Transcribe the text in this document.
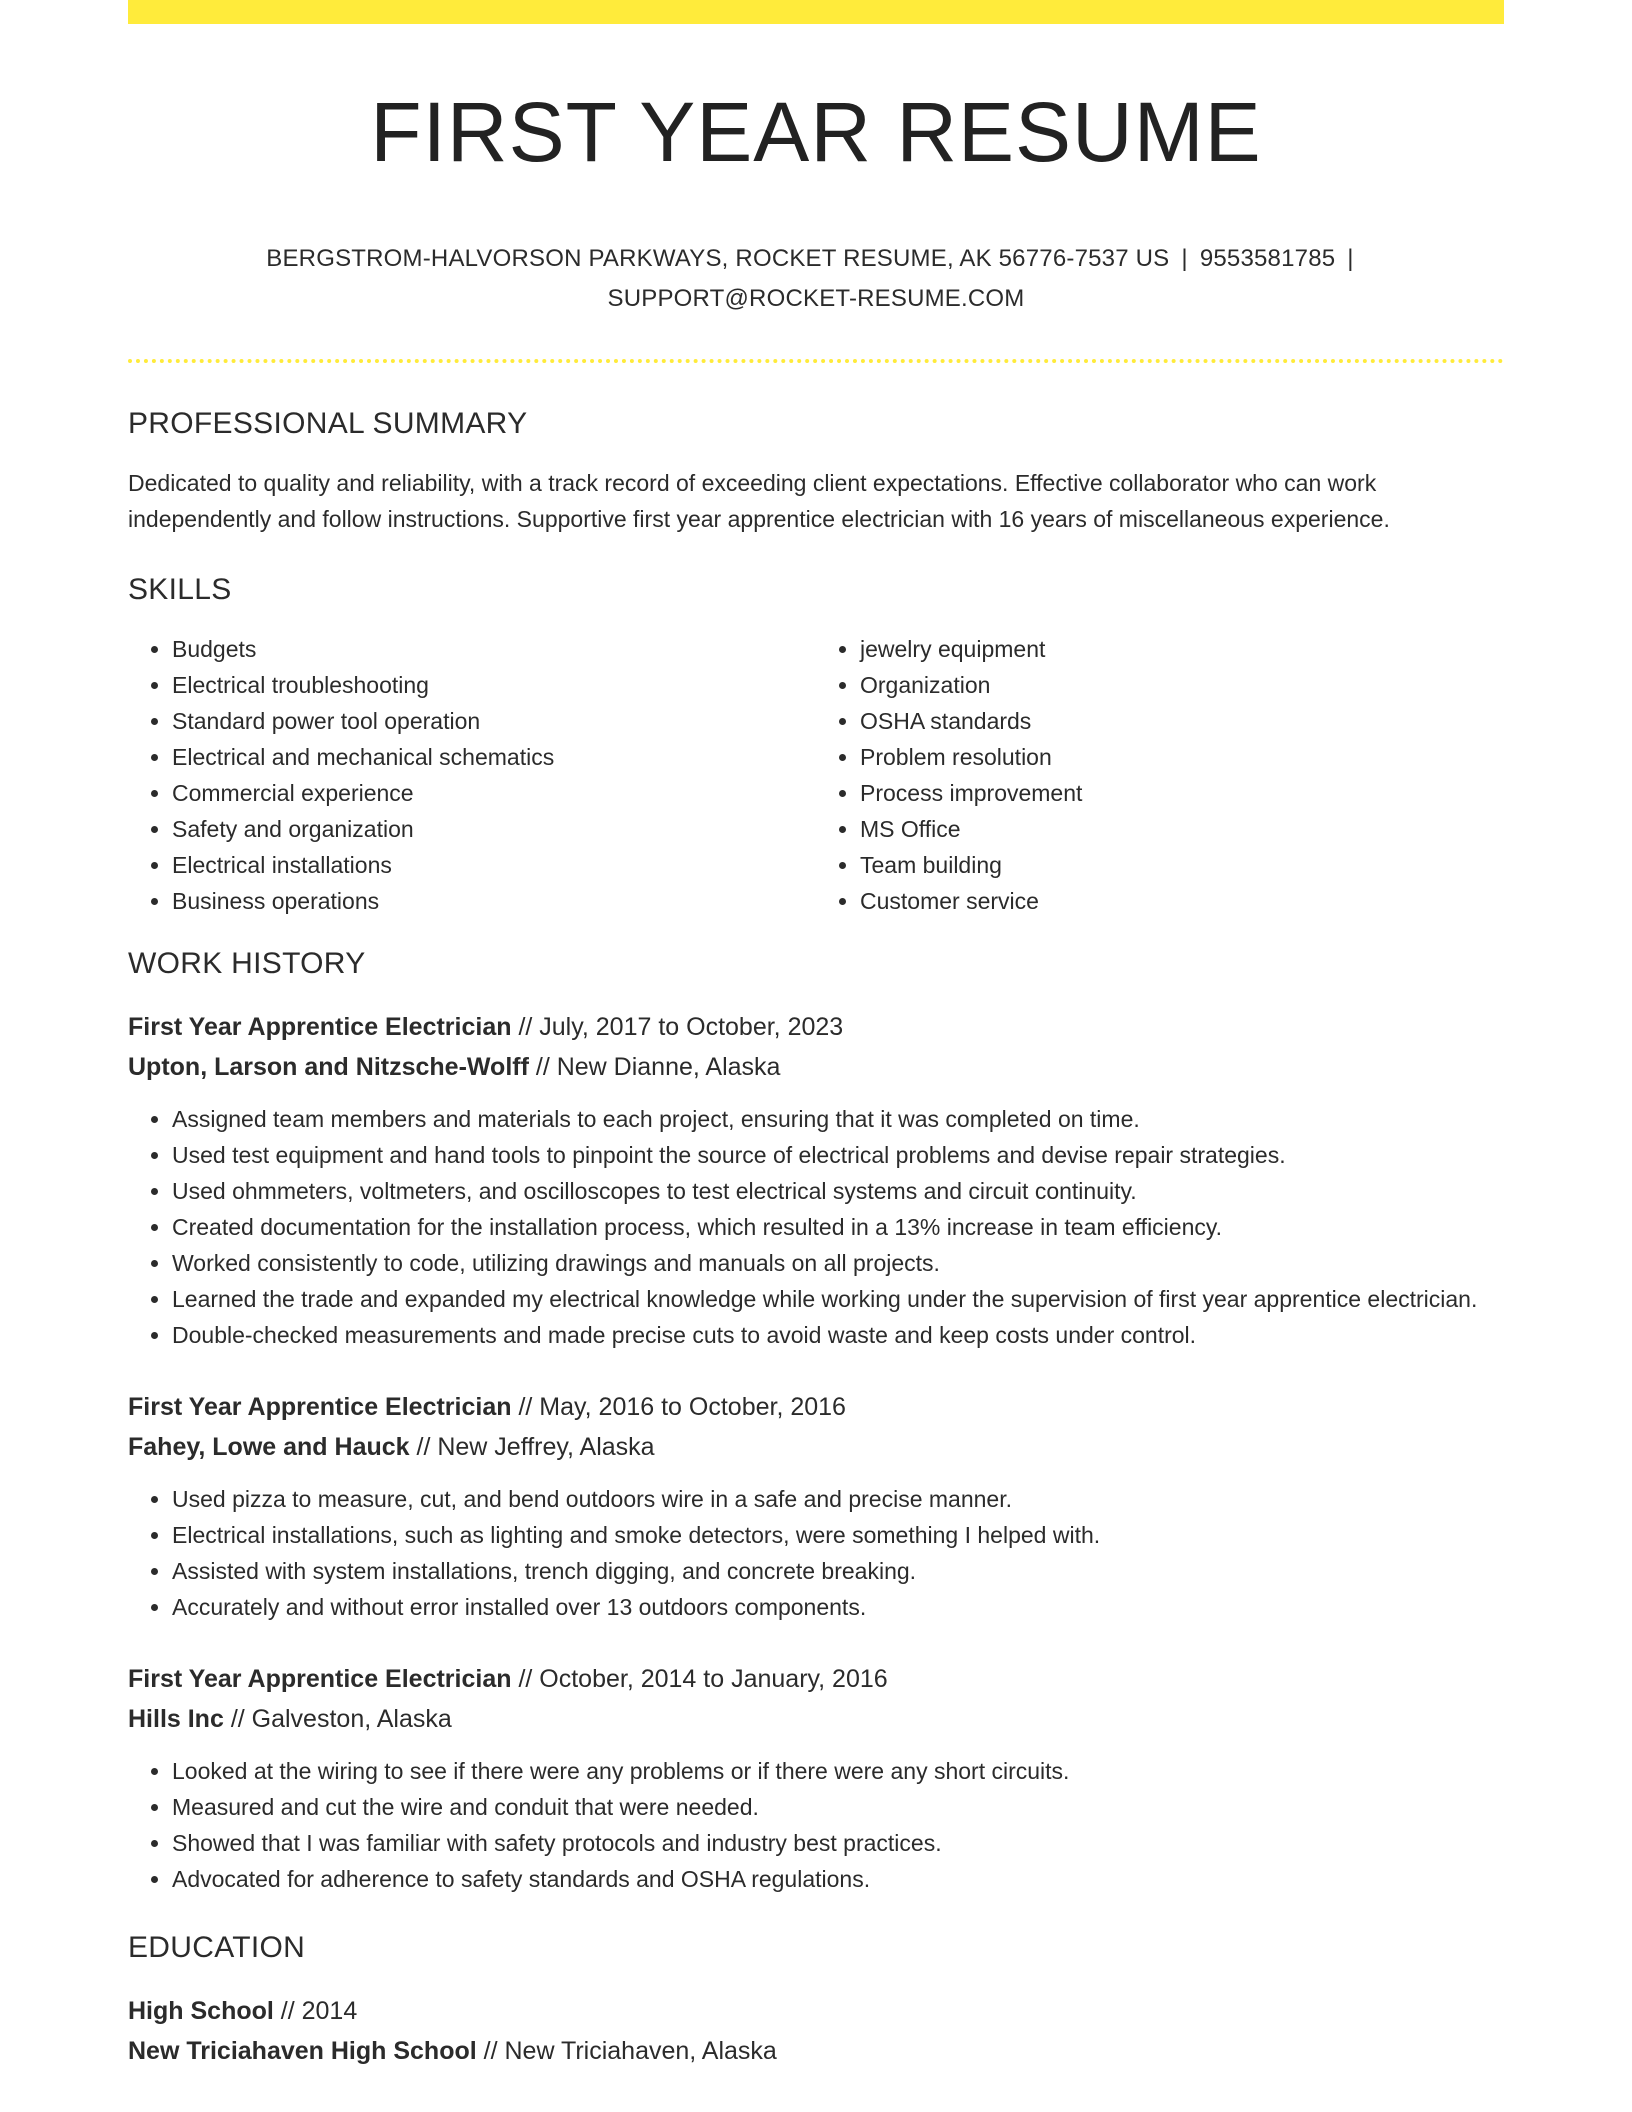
FIRST YEAR RESUME
BERGSTROM-HALVORSON PARKWAYS, ROCKET RESUME, AK 56776-7537 US | 9553581785 |
SUPPORT@ROCKET-RESUME.COM
PROFESSIONAL SUMMARY
Dedicated to quality and reliability, with a track record of exceeding client expectations. Effective collaborator who can work independently and follow instructions. Supportive first year apprentice electrician with 16 years of miscellaneous experience.
SKILLS
• Budgets
• Electrical troubleshooting
• Standard power tool operation
• Electrical and mechanical schematics
• Commercial experience
• Safety and organization
• Electrical installations
• Business operations
• jewelry equipment
• Organization
• OSHA standards
• Problem resolution
• Process improvement
• MS Office
• Team building
• Customer service
WORK HISTORY
First Year Apprentice Electrician // July, 2017 to October, 2023
Upton, Larson and Nitzsche-Wolff // New Dianne, Alaska
• Assigned team members and materials to each project, ensuring that it was completed on time.
• Used test equipment and hand tools to pinpoint the source of electrical problems and devise repair strategies.
• Used ohmmeters, voltmeters, and oscilloscopes to test electrical systems and circuit continuity.
• Created documentation for the installation process, which resulted in a 13% increase in team efficiency.
• Worked consistently to code, utilizing drawings and manuals on all projects.
• Learned the trade and expanded my electrical knowledge while working under the supervision of first year apprentice electrician.
• Double-checked measurements and made precise cuts to avoid waste and keep costs under control.
First Year Apprentice Electrician // May, 2016 to October, 2016
Fahey, Lowe and Hauck // New Jeffrey, Alaska
• Used pizza to measure, cut, and bend outdoors wire in a safe and precise manner.
• Electrical installations, such as lighting and smoke detectors, were something I helped with.
• Assisted with system installations, trench digging, and concrete breaking.
• Accurately and without error installed over 13 outdoors components.
First Year Apprentice Electrician // October, 2014 to January, 2016
Hills Inc // Galveston, Alaska
• Looked at the wiring to see if there were any problems or if there were any short circuits.
• Measured and cut the wire and conduit that were needed.
• Showed that I was familiar with safety protocols and industry best practices.
• Advocated for adherence to safety standards and OSHA regulations.
EDUCATION
High School // 2014
New Triciahaven High School // New Triciahaven, Alaska
